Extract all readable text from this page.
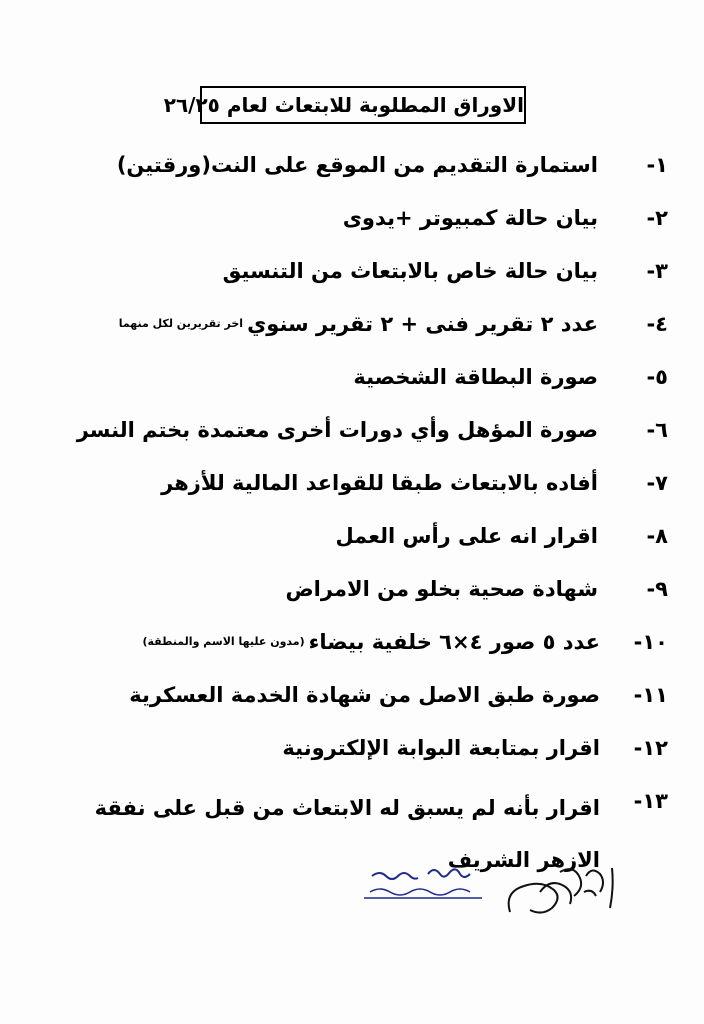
الاوراق المطلوبة للابتعاث لعام ٢٦/٢٥
١-
استمارة التقديم من الموقع على النت(ورقتين)
٢-
بيان حالة كمبيوتر +يدوى
٣-
بيان حالة خاص بالابتعاث من التنسيق
٤-
عدد ٢ تقرير فنى + ٢ تقرير سنوي
اخر تقريرين لكل منهما
٥-
صورة البطاقة الشخصية
٦-
صورة المؤهل وأي دورات أخرى معتمدة بختم النسر
٧-
أفاده بالابتعاث طبقا للقواعد المالية للأزهر
٨-
اقرار انه على رأس العمل
٩-
شهادة صحية بخلو من الامراض
١٠-
عدد ٥ صور ٤×٦ خلفية بيضاء
(مدون عليها الاسم والمنطقة)
١١-
صورة طبق الاصل من شهادة الخدمة العسكرية
١٢-
اقرار بمتابعة البوابة الإلكترونية
١٣-
اقرار بأنه لم يسبق له الابتعاث من قبل على نفقة الازهر الشريف
